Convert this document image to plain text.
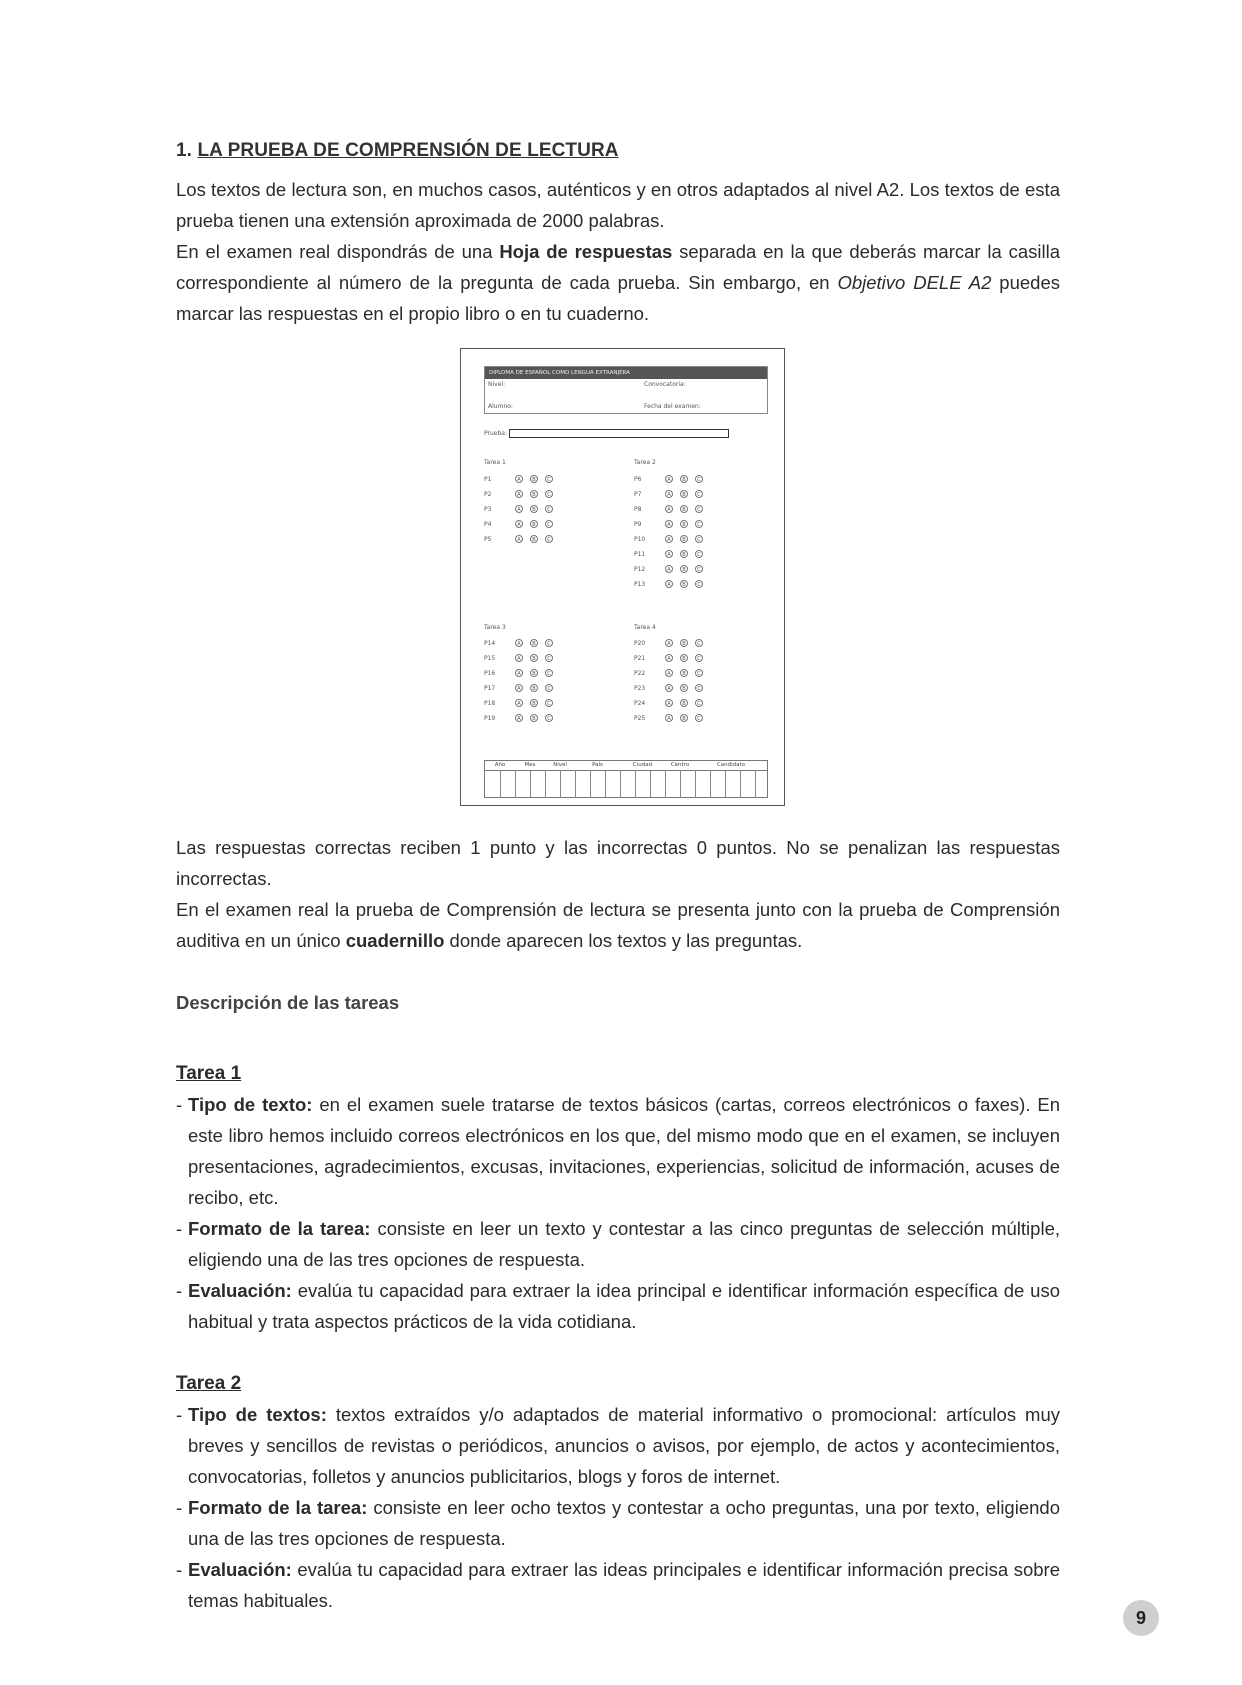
1. LA PRUEBA DE COMPRENSIÓN DE LECTURA

Los textos de lectura son, en muchos casos, auténticos y en otros adaptados al nivel A2. Los textos de esta prueba tienen una extensión aproximada de 2000 palabras.

En el examen real dispondrás de una Hoja de respuestas separada en la que deberás marcar la casilla correspondiente al número de la pregunta de cada prueba. Sin embargo, en Objetivo DELE A2 puedes marcar las respuestas en el propio libro o en tu cuaderno.

DIPLOMA DE ESPAÑOL COMO LENGUA EXTRANJERA
Nivel:	Convocatoria:
Alumno:	Fecha del examen:
Prueba:
Tarea 1	Tarea 2
Tarea 3	Tarea 4
P1	A	B	C
P2	A	B	C
P3	A	B	C
P4	A	B	C
P5	A	B	C
P6	A	B	C
P7	A	B	C
P8	A	B	C
P9	A	B	C
P10	A	B	C
P11	A	B	C
P12	A	B	C
P13	A	B	C
P14	A	B	C
P15	A	B	C
P16	A	B	C
P17	A	B	C
P18	A	B	C
P19	A	B	C
P20	A	B	C
P21	A	B	C
P22	A	B	C
P23	A	B	C
P24	A	B	C
P25	A	B	C
Año	Mes	Nivel	País	Ciudad	Centro	Candidato

Las respuestas correctas reciben 1 punto y las incorrectas 0 puntos. No se penalizan las respuestas incorrectas.

En el examen real la prueba de Comprensión de lectura se presenta junto con la prueba de Comprensión auditiva en un único cuadernillo donde aparecen los textos y las preguntas.

Descripción de las tareas

Tarea 1

- Tipo de texto: en el examen suele tratarse de textos básicos (cartas, correos electrónicos o faxes). En este libro hemos incluido correos electrónicos en los que, del mismo modo que en el examen, se incluyen presentaciones, agradecimientos, excusas, invitaciones, experiencias, solicitud de información, acuses de recibo, etc.
- Formato de la tarea: consiste en leer un texto y contestar a las cinco preguntas de selección múltiple, eligiendo una de las tres opciones de respuesta.
- Evaluación: evalúa tu capacidad para extraer la idea principal e identificar información específica de uso habitual y trata aspectos prácticos de la vida cotidiana.

Tarea 2

- Tipo de textos: textos extraídos y/o adaptados de material informativo o promocional: artículos muy breves y sencillos de revistas o periódicos, anuncios o avisos, por ejemplo, de actos y acontecimientos, convocatorias, folletos y anuncios publicitarios, blogs y foros de internet.
- Formato de la tarea: consiste en leer ocho textos y contestar a ocho preguntas, una por texto, eligiendo una de las tres opciones de respuesta.
- Evaluación: evalúa tu capacidad para extraer las ideas principales e identificar información precisa sobre temas habituales.
9
